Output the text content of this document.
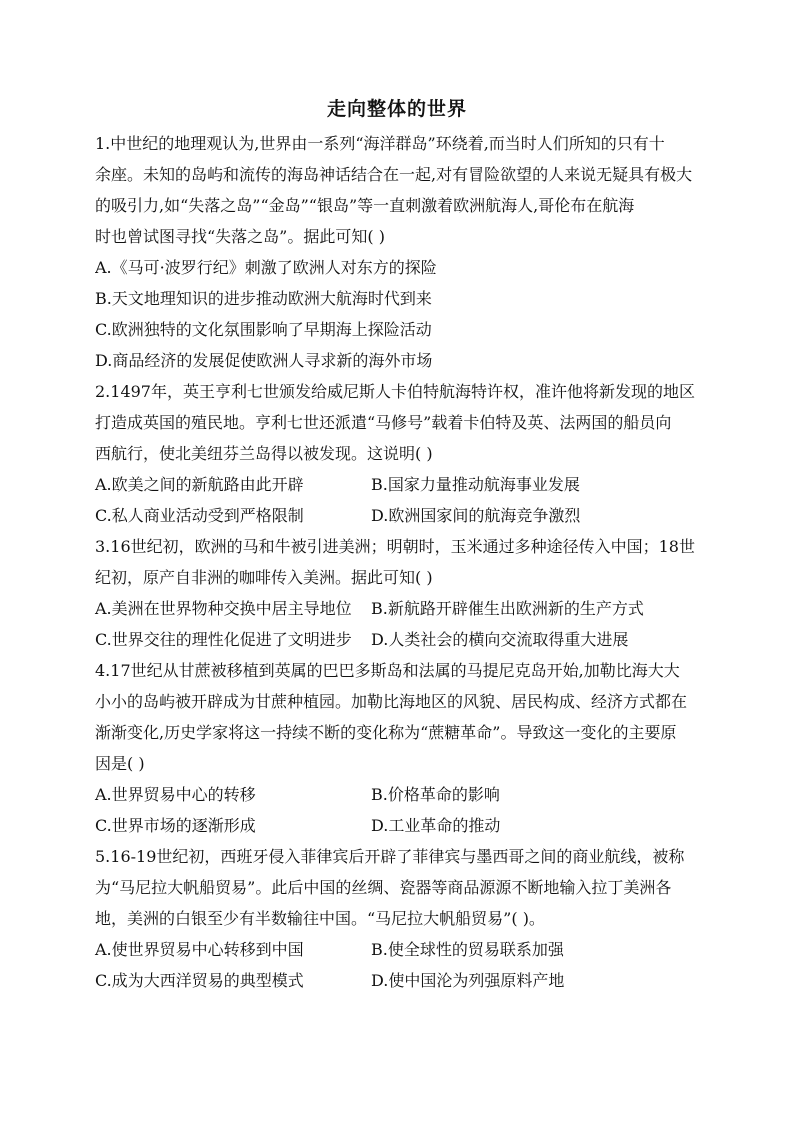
走向整体的世界
1.中世纪的地理观认为,世界由一系列“海洋群岛”环绕着,而当时人们所知的只有十
余座。未知的岛屿和流传的海岛神话结合在一起,对有冒险欲望的人来说无疑具有极大
的吸引力,如“失落之岛”“金岛”“银岛”等一直刺激着欧洲航海人,哥伦布在航海
时也曾试图寻找“失落之岛”。据此可知( )
A.《马可·波罗行纪》刺激了欧洲人对东方的探险
B.天文地理知识的进步推动欧洲大航海时代到来
C.欧洲独特的文化氛围影响了早期海上探险活动
D.商品经济的发展促使欧洲人寻求新的海外市场
2.1497年，英王亨利七世颁发给威尼斯人卡伯特航海特许权，准许他将新发现的地区
打造成英国的殖民地。亨利七世还派遣“马修号”载着卡伯特及英、法两国的船员向
西航行，使北美纽芬兰岛得以被发现。这说明( )
A.欧美之间的新航路由此开辟	B.国家力量推动航海事业发展
C.私人商业活动受到严格限制	D.欧洲国家间的航海竞争激烈
3.16世纪初，欧洲的马和牛被引进美洲；明朝时，玉米通过多种途径传入中国；18世
纪初，原产自非洲的咖啡传入美洲。据此可知( )
A.美洲在世界物种交换中居主导地位 B.新航路开辟催生出欧洲新的生产方式
C.世界交往的理性化促进了文明进步 D.人类社会的横向交流取得重大进展
4.17世纪从甘蔗被移植到英属的巴巴多斯岛和法属的马提尼克岛开始,加勒比海大大
小小的岛屿被开辟成为甘蔗种植园。加勒比海地区的风貌、居民构成、经济方式都在
渐渐变化,历史学家将这一持续不断的变化称为“蔗糖革命”。导致这一变化的主要原
因是( )
A.世界贸易中心的转移	B.价格革命的影响
C.世界市场的逐渐形成	D.工业革命的推动
5.16-19世纪初，西班牙侵入菲律宾后开辟了菲律宾与墨西哥之间的商业航线，被称
为“马尼拉大帆船贸易”。此后中国的丝绸、瓷器等商品源源不断地输入拉丁美洲各
地，美洲的白银至少有半数输往中国。“马尼拉大帆船贸易”( )。
A.使世界贸易中心转移到中国	B.使全球性的贸易联系加强
C.成为大西洋贸易的典型模式	D.使中国沦为列强原料产地
